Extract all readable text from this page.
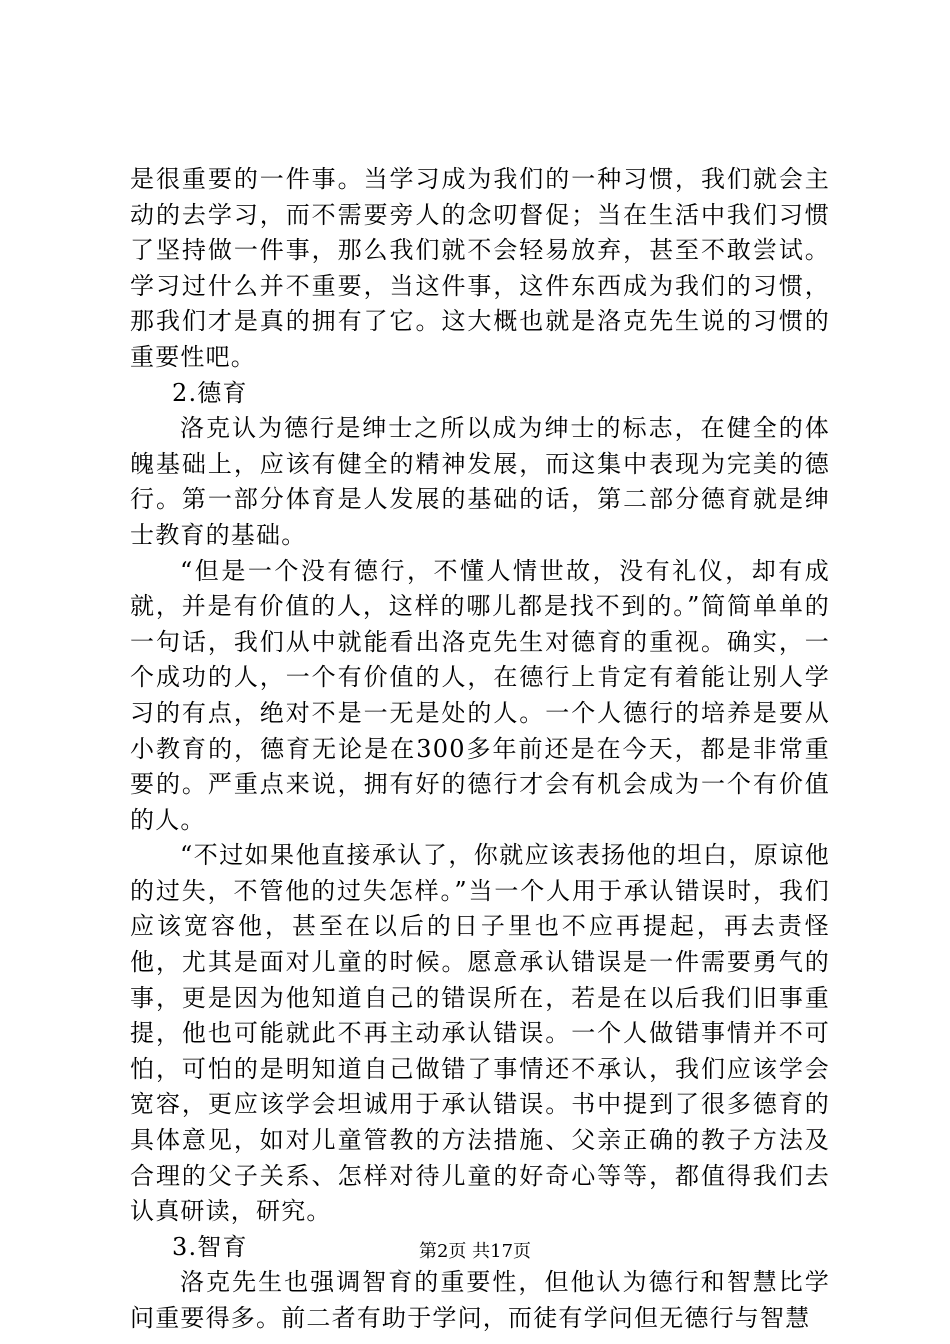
是很重要的一件事。当学习成为我们的一种习惯，我们就会主动的去学习，而不需要旁人的念叨督促；当在生活中我们习惯了坚持做一件事，那么我们就不会轻易放弃，甚至不敢尝试。学习过什么并不重要，当这件事，这件东西成为我们的习惯，那我们才是真的拥有了它。这大概也就是洛克先生说的习惯的重要性吧。

2.德育

洛克认为德行是绅士之所以成为绅士的标志，在健全的体魄基础上，应该有健全的精神发展，而这集中表现为完美的德行。第一部分体育是人发展的基础的话，第二部分德育就是绅士教育的基础。

“但是一个没有德行，不懂人情世故，没有礼仪，却有成就，并是有价值的人，这样的哪儿都是找不到的。”简简单单的一句话，我们从中就能看出洛克先生对德育的重视。确实，一个成功的人，一个有价值的人，在德行上肯定有着能让别人学习的有点，绝对不是一无是处的人。一个人德行的培养是要从小教育的，德育无论是在300多年前还是在今天，都是非常重要的。严重点来说，拥有好的德行才会有机会成为一个有价值的人。

“不过如果他直接承认了，你就应该表扬他的坦白，原谅他的过失，不管他的过失怎样。”当一个人用于承认错误时，我们应该宽容他，甚至在以后的日子里也不应再提起，再去责怪他，尤其是面对儿童的时候。愿意承认错误是一件需要勇气的事，更是因为他知道自己的错误所在，若是在以后我们旧事重提，他也可能就此不再主动承认错误。一个人做错事情并不可怕，可怕的是明知道自己做错了事情还不承认，我们应该学会宽容，更应该学会坦诚用于承认错误。书中提到了很多德育的具体意见，如对儿童管教的方法措施、父亲正确的教子方法及合理的父子关系、怎样对待儿童的好奇心等等，都值得我们去认真研读，研究。

3.智育

洛克先生也强调智育的重要性，但他认为德行和智慧比学问重要得多。前二者有助于学问，而徒有学问但无德行与智慧

第2页 共17页
